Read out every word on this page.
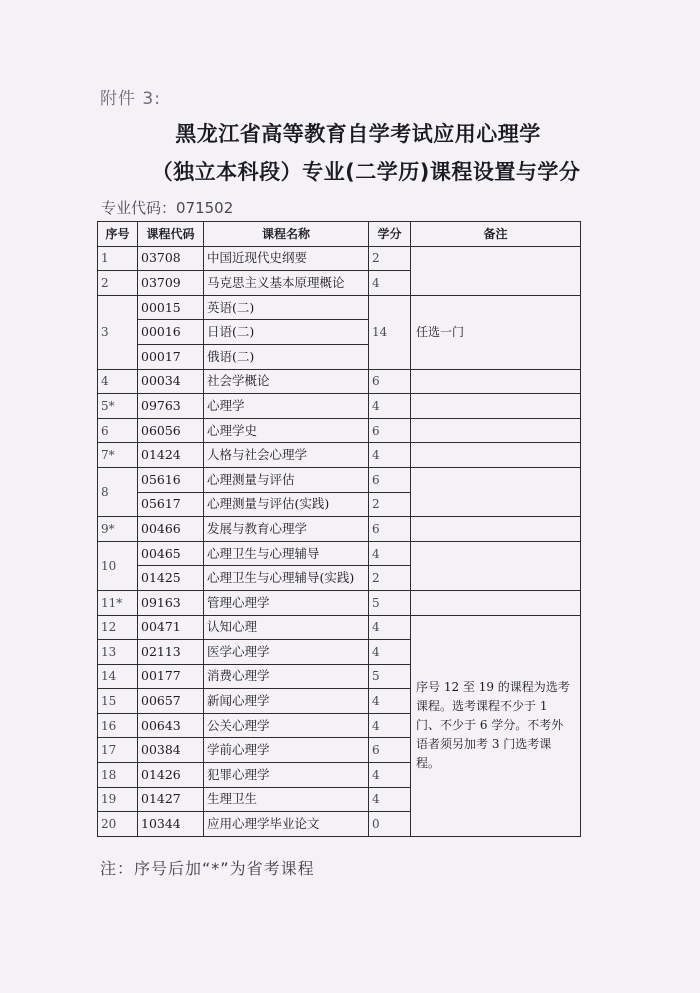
附件 3:
黑龙江省高等教育自学考试应用心理学
（独立本科段）专业(二学历)课程设置与学分
专业代码：071502
序号	课程代码	课程名称	学分	备注
1	03708	中国近现代史纲要	2	
2	03709	马克思主义基本原理概论	4	
3	00015	英语(二)	14	任选一门
	00016	日语(二)		
	00017	俄语(二)		
4	00034	社会学概论	6	
5*	09763	心理学	4	
6	06056	心理学史	6	
7*	01424	人格与社会心理学	4	
8	05616	心理测量与评估	6	
	05617	心理测量与评估(实践)	2	
9*	00466	发展与教育心理学	6	
10	00465	心理卫生与心理辅导	4	
	01425	心理卫生与心理辅导(实践)	2	
11*	09163	管理心理学	5	
12	00471	认知心理	4	序号 12 至 19 的课程为选考课程。选考课程不少于 1 门、不少于 6 学分。不考外语者须另加考 3 门选考课程。
13	02113	医学心理学	4	
14	00177	消费心理学	5	
15	00657	新闻心理学	4	
16	00643	公关心理学	4	
17	00384	学前心理学	6	
18	01426	犯罪心理学	4	
19	01427	生理卫生	4	
20	10344	应用心理学毕业论文	0	
注：序号后加“*”为省考课程
